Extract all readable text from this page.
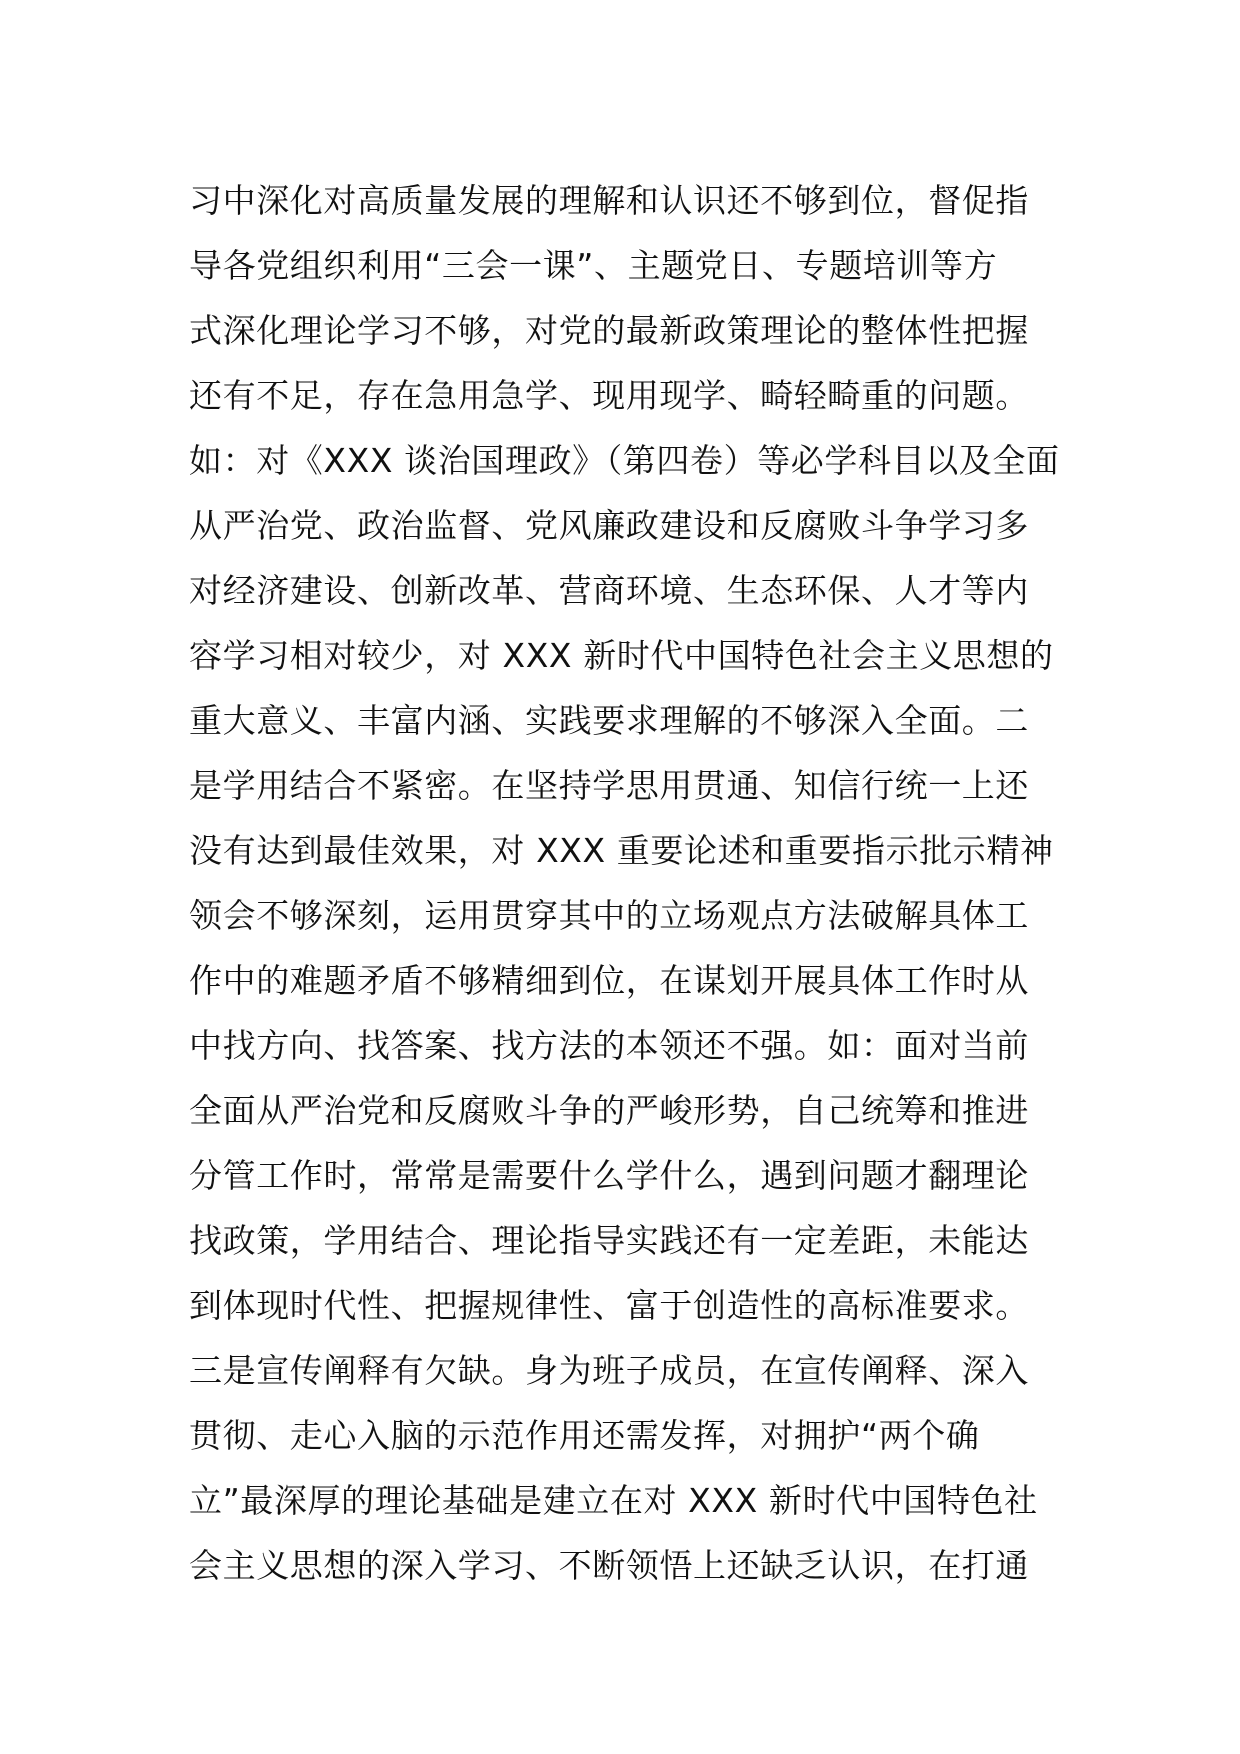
习中深化对高质量发展的理解和认识还不够到位，督促指
导各党组织利用“三会一课”、主题党日、专题培训等方
式深化理论学习不够，对党的最新政策理论的整体性把握
还有不足，存在急用急学、现用现学、畸轻畸重的问题。
如：对《XXX 谈治国理政》（第四卷）等必学科目以及全面
从严治党、政治监督、党风廉政建设和反腐败斗争学习多
对经济建设、创新改革、营商环境、生态环保、人才等内
容学习相对较少，对 XXX 新时代中国特色社会主义思想的
重大意义、丰富内涵、实践要求理解的不够深入全面。二
是学用结合不紧密。在坚持学思用贯通、知信行统一上还
没有达到最佳效果，对 XXX 重要论述和重要指示批示精神
领会不够深刻，运用贯穿其中的立场观点方法破解具体工
作中的难题矛盾不够精细到位，在谋划开展具体工作时从
中找方向、找答案、找方法的本领还不强。如：面对当前
全面从严治党和反腐败斗争的严峻形势，自己统筹和推进
分管工作时，常常是需要什么学什么，遇到问题才翻理论
找政策，学用结合、理论指导实践还有一定差距，未能达
到体现时代性、把握规律性、富于创造性的高标准要求。
三是宣传阐释有欠缺。身为班子成员，在宣传阐释、深入
贯彻、走心入脑的示范作用还需发挥，对拥护“两个确
立”最深厚的理论基础是建立在对 XXX 新时代中国特色社
会主义思想的深入学习、不断领悟上还缺乏认识，在打通
